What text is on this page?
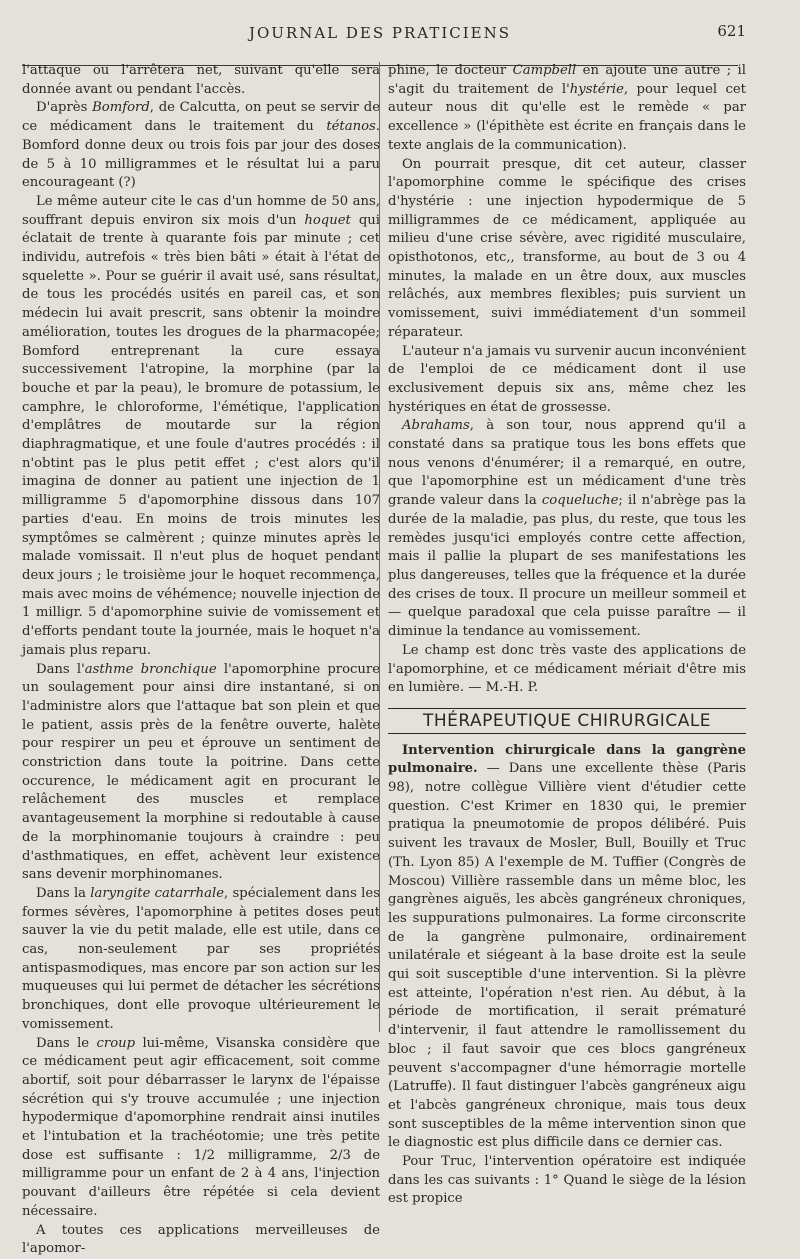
JOURNAL DES PRATICIENS	621

l'attaque ou l'arrêtera net, suivant qu'elle sera donnée avant ou pendant l'accès.

D'après Bomford, de Calcutta, on peut se servir de ce médicament dans le traitement du tétanos. Bomford donne deux ou trois fois par jour des doses de 5 à 10 milligrammes et le résultat lui a paru encourageant (?)

Le même auteur cite le cas d'un homme de 50 ans, souffrant depuis environ six mois d'un hoquet qui éclatait de trente à quarante fois par minute ; cet individu, autrefois « très bien bâti » était à l'état de squelette ». Pour se guérir il avait usé, sans résultat, de tous les procédés usités en pareil cas, et son médecin lui avait prescrit, sans obtenir la moindre amélioration, toutes les drogues de la pharmacopée; Bomford entreprenant la cure essaya successivement l'atropine, la morphine (par la bouche et par la peau), le bromure de potassium, le camphre, le chloroforme, l'émétique, l'application d'emplâtres de moutarde sur la région diaphragmatique, et une foule d'autres procédés : il n'obtint pas le plus petit effet ; c'est alors qu'il imagina de donner au patient une injection de 1 milligramme 5 d'apomorphine dissous dans 107 parties d'eau. En moins de trois minutes les symptômes se calmèrent ; quinze minutes après le malade vomissait. Il n'eut plus de hoquet pendant deux jours ; le troisième jour le hoquet recommença, mais avec moins de véhémence; nouvelle injection de 1 milligr. 5 d'apomorphine suivie de vomissement et d'efforts pendant toute la journée, mais le hoquet n'a jamais plus reparu.

Dans l'asthme bronchique l'apomorphine procure un soulagement pour ainsi dire instantané, si on l'administre alors que l'attaque bat son plein et que le patient, assis près de la fenêtre ouverte, halète pour respirer un peu et éprouve un sentiment de constriction dans toute la poitrine. Dans cette occurence, le médicament agit en procurant le relâchement des muscles et remplace avantageusement la morphine si redoutable à cause de la morphinomanie toujours à craindre : peu d'asthmatiques, en effet, achèvent leur existence sans devenir morphinomanes.

Dans la laryngite catarrhale, spécialement dans les formes sévères, l'apomorphine à petites doses peut sauver la vie du petit malade, elle est utile, dans ce cas, non-seulement par ses propriétés antispasmodiques, mas encore par son action sur les muqueuses qui lui permet de détacher les sécrétions bronchiques, dont elle provoque ultérieurement le vomissement.

Dans le croup lui-même, Visanska considère que ce médicament peut agir efficacement, soit comme abortif, soit pour débarrasser le larynx de l'épaisse sécrétion qui s'y trouve accumulée ; une injection hypodermique d'apomorphine rendrait ainsi inutiles et l'intubation et la trachéotomie; une très petite dose est suffisante : 1/2 milligramme, 2/3 de milligramme pour un enfant de 2 à 4 ans, l'injection pouvant d'ailleurs être répétée si cela devient nécessaire.

A toutes ces applications merveilleuses de l'apomor-

phine, le docteur Campbell en ajoute une autre ; il s'agit du traitement de l'hystérie, pour lequel cet auteur nous dit qu'elle est le remède « par excellence » (l'épithète est écrite en français dans le texte anglais de la communication).

On pourrait presque, dit cet auteur, classer l'apomorphine comme le spécifique des crises d'hystérie : une injection hypodermique de 5 milligrammes de ce médicament, appliquée au milieu d'une crise sévère, avec rigidité musculaire, opisthotonos, etc,, transforme, au bout de 3 ou 4 minutes, la malade en un être doux, aux muscles relâchés, aux membres flexibles; puis survient un vomissement, suivi immédiatement d'un sommeil réparateur.

L'auteur n'a jamais vu survenir aucun inconvénient de l'emploi de ce médicament dont il use exclusivement depuis six ans, même chez les hystériques en état de grossesse.

Abrahams, à son tour, nous apprend qu'il a constaté dans sa pratique tous les bons effets que nous venons d'énumérer; il a remarqué, en outre, que l'apomorphine est un médicament d'une très grande valeur dans la coqueluche; il n'abrège pas la durée de la maladie, pas plus, du reste, que tous les remèdes jusqu'ici employés contre cette affection, mais il pallie la plupart de ses manifestations les plus dangereuses, telles que la fréquence et la durée des crises de toux. Il procure un meilleur sommeil et — quelque paradoxal que cela puisse paraître — il diminue la tendance au vomissement.

Le champ est donc très vaste des applications de l'apomorphine, et ce médicament mériait d'être mis en lumière. — M.-H. P.

THÉRAPEUTIQUE CHIRURGICALE

Intervention chirurgicale dans la gangrène pulmonaire. — Dans une excellente thèse (Paris 98), notre collègue Villière vient d'étudier cette question. C'est Krimer en 1830 qui, le premier pratiqua la pneumotomie de propos délibéré. Puis suivent les travaux de Mosler, Bull, Bouilly et Truc (Th. Lyon 85) A l'exemple de M. Tuffier (Congrès de Moscou) Villière rassemble dans un même bloc, les gangrènes aiguës, les abcès gangréneux chroniques, les suppurations pulmonaires. La forme circonscrite de la gangrène pulmonaire, ordinairement unilatérale et siégeant à la base droite est la seule qui soit susceptible d'une intervention. Si la plèvre est atteinte, l'opération n'est rien. Au début, à la période de mortification, il serait prématuré d'intervenir, il faut attendre le ramollissement du bloc ; il faut savoir que ces blocs gangréneux peuvent s'accompagner d'une hémorragie mortelle (Latruffe). Il faut distinguer l'abcès gangréneux aigu et l'abcès gangréneux chronique, mais tous deux sont susceptibles de la même intervention sinon que le diagnostic est plus difficile dans ce dernier cas.

Pour Truc, l'intervention opératoire est indiquée dans les cas suivants : 1° Quand le siège de la lésion est propice
